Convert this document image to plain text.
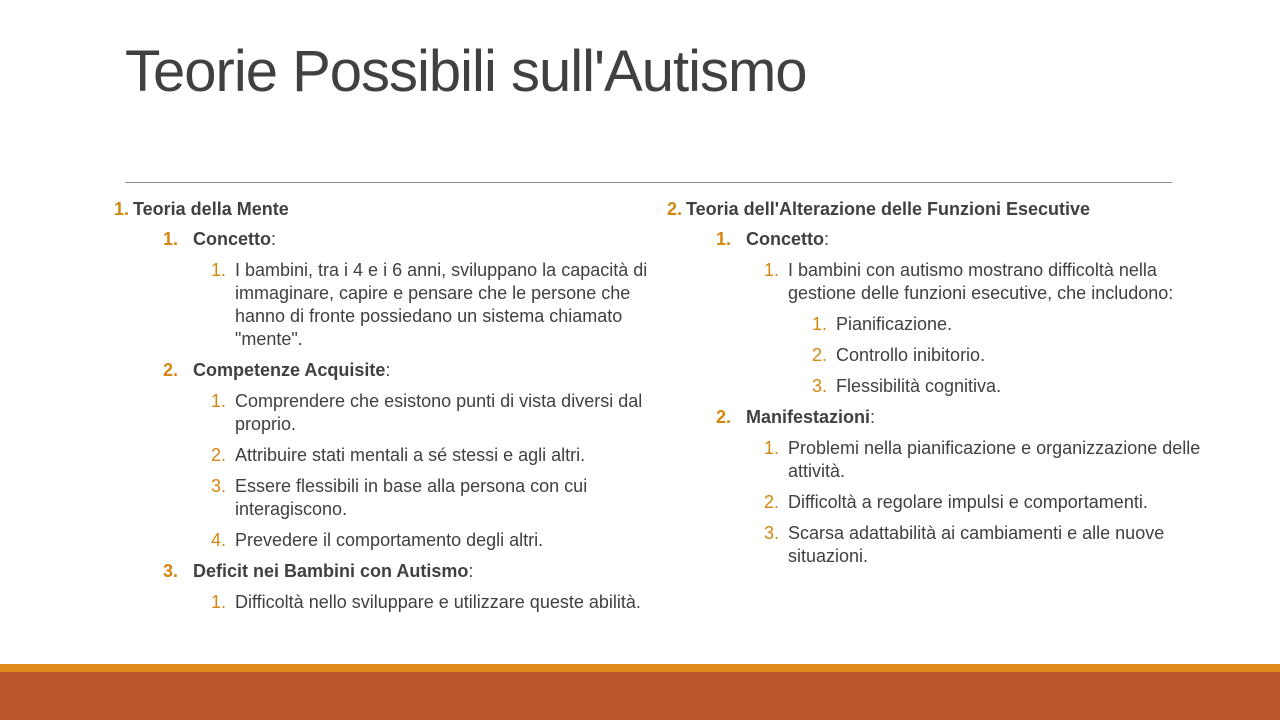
Teorie Possibili sull'Autismo
1. Teoria della Mente
1. Concetto:
1. I bambini, tra i 4 e i 6 anni, sviluppano la capacità di immaginare, capire e pensare che le persone che hanno di fronte possiedano un sistema chiamato "mente".
2. Competenze Acquisite:
1. Comprendere che esistono punti di vista diversi dal proprio.
2. Attribuire stati mentali a sé stessi e agli altri.
3. Essere flessibili in base alla persona con cui interagiscono.
4. Prevedere il comportamento degli altri.
3. Deficit nei Bambini con Autismo:
1. Difficoltà nello sviluppare e utilizzare queste abilità.
2. Teoria dell'Alterazione delle Funzioni Esecutive
1. Concetto:
1. I bambini con autismo mostrano difficoltà nella gestione delle funzioni esecutive, che includono:
1. Pianificazione.
2. Controllo inibitorio.
3. Flessibilità cognitiva.
2. Manifestazioni:
1. Problemi nella pianificazione e organizzazione delle attività.
2. Difficoltà a regolare impulsi e comportamenti.
3. Scarsa adattabilità ai cambiamenti e alle nuove situazioni.
